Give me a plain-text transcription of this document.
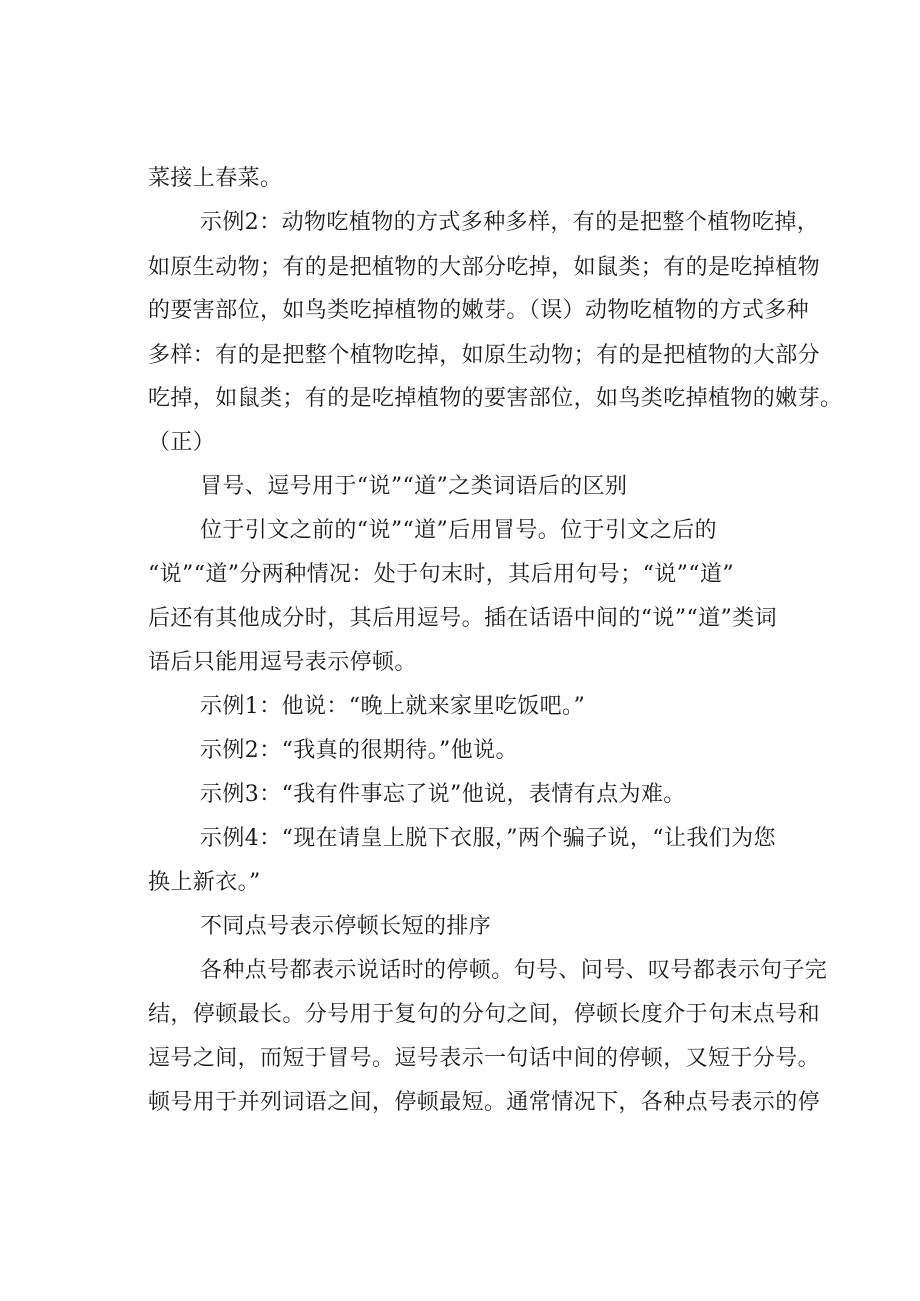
菜接上春菜。
示例2：动物吃植物的方式多种多样，有的是把整个植物吃掉，
如原生动物；有的是把植物的大部分吃掉，如鼠类；有的是吃掉植物
的要害部位，如鸟类吃掉植物的嫩芽。（误）动物吃植物的方式多种
多样：有的是把整个植物吃掉，如原生动物；有的是把植物的大部分
吃掉，如鼠类；有的是吃掉植物的要害部位，如鸟类吃掉植物的嫩芽。
（正）
冒号、逗号用于“说”“道”之类词语后的区别
位于引文之前的“说”“道”后用冒号。位于引文之后的
“说”“道”分两种情况：处于句末时，其后用句号；“说”“道”
后还有其他成分时，其后用逗号。插在话语中间的“说”“道”类词
语后只能用逗号表示停顿。
示例1：他说：“晚上就来家里吃饭吧。”
示例2：“我真的很期待。”他说。
示例3：“我有件事忘了说”他说，表情有点为难。
示例4：“现在请皇上脱下衣服，”两个骗子说，“让我们为您
换上新衣。”
不同点号表示停顿长短的排序
各种点号都表示说话时的停顿。句号、问号、叹号都表示句子完
结，停顿最长。分号用于复句的分句之间，停顿长度介于句末点号和
逗号之间，而短于冒号。逗号表示一句话中间的停顿，又短于分号。
顿号用于并列词语之间，停顿最短。通常情况下，各种点号表示的停
